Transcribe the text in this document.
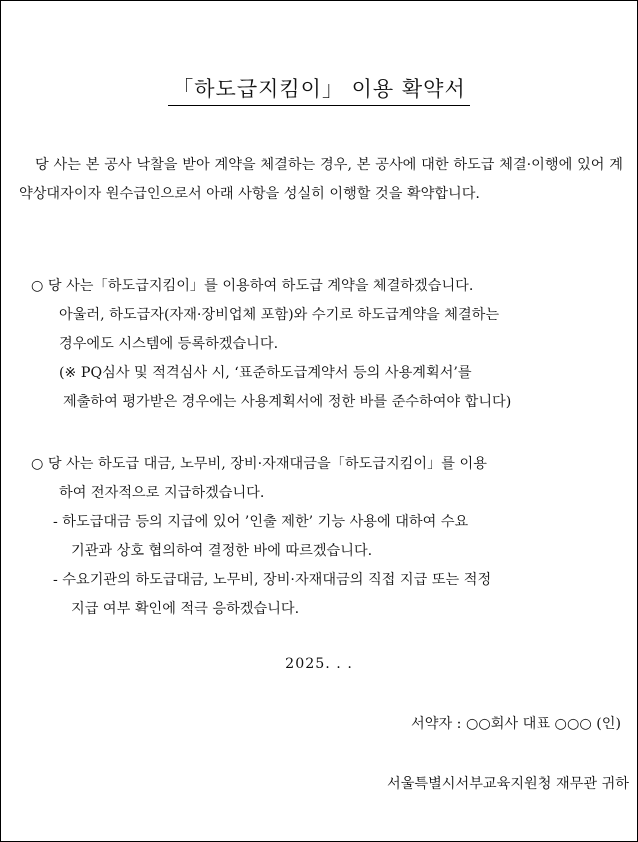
「하도급지킴이」 이용 확약서
당 사는 본 공사 낙찰을 받아 계약을 체결하는 경우, 본 공사에 대한 하도급 체결·이행에 있어 계약상대자이자 원수급인으로서 아래 사항을 성실히 이행할 것을 확약합니다.
○ 당 사는「하도급지킴이」를 이용하여 하도급 계약을 체결하겠습니다.
아울러, 하도급자(자재·장비업체 포함)와 수기로 하도급계약을 체결하는
경우에도 시스템에 등록하겠습니다.
(※ PQ심사 및 적격심사 시, ‘표준하도급계약서 등의 사용계획서’를
제출하여 평가받은 경우에는 사용계획서에 정한 바를 준수하여야 합니다)
○ 당 사는 하도급 대금, 노무비, 장비·자재대금을「하도급지킴이」를 이용
하여 전자적으로 지급하겠습니다.
- 하도급대금 등의 지급에 있어 ’인출 제한’ 기능 사용에 대하여 수요
기관과 상호 협의하여 결정한 바에 따르겠습니다.
- 수요기관의 하도급대금, 노무비, 장비·자재대금의 직접 지급 또는 적정
지급 여부 확인에 적극 응하겠습니다.
2025. . .
서약자 : ○○회사 대표 ○○○ (인)
서울특별시서부교육지원청 재무관 귀하
